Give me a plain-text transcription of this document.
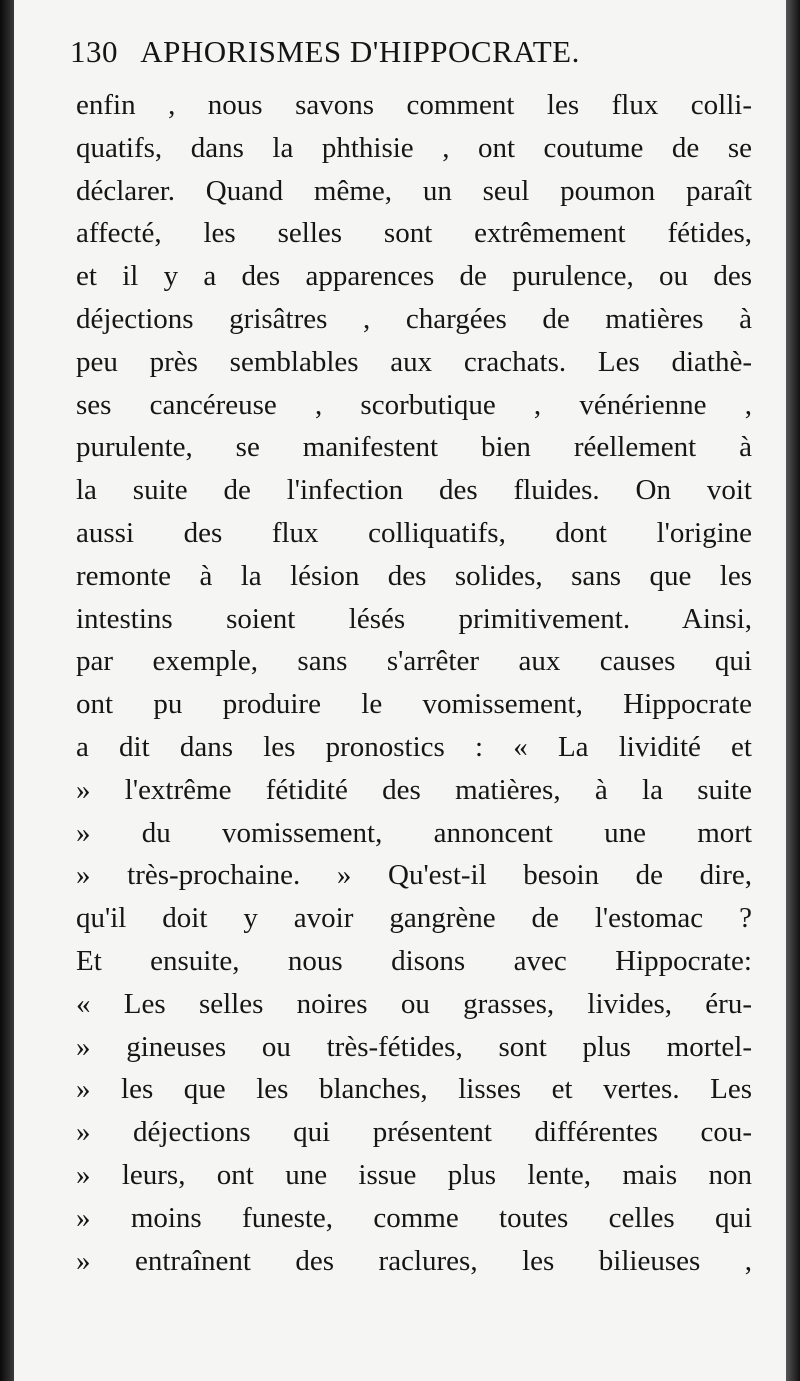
130 APHORISMES D'HIPPOCRATE.
enfin , nous savons comment les flux colli-
quatifs, dans la phthisie , ont coutume de se
déclarer. Quand même, un seul poumon paraît
affecté, les selles sont extrêmement fétides,
et il y a des apparences de purulence, ou des
déjections grisâtres , chargées de matières à
peu près semblables aux crachats. Les diathè-
ses cancéreuse , scorbutique , vénérienne ,
purulente, se manifestent bien réellement à
la suite de l'infection des fluides. On voit
aussi des flux colliquatifs, dont l'origine
remonte à la lésion des solides, sans que les
intestins soient lésés primitivement. Ainsi,
par exemple, sans s'arrêter aux causes qui
ont pu produire le vomissement, Hippocrate
a dit dans les pronostics : « La lividité et
» l'extrême fétidité des matières, à la suite
» du vomissement, annoncent une mort
» très-prochaine. » Qu'est-il besoin de dire,
qu'il doit y avoir gangrène de l'estomac ?
Et ensuite, nous disons avec Hippocrate:
« Les selles noires ou grasses, livides, éru-
» gineuses ou très-fétides, sont plus mortel-
» les que les blanches, lisses et vertes. Les
» déjections qui présentent différentes cou-
» leurs, ont une issue plus lente, mais non
» moins funeste, comme toutes celles qui
» entraînent des raclures, les bilieuses ,
